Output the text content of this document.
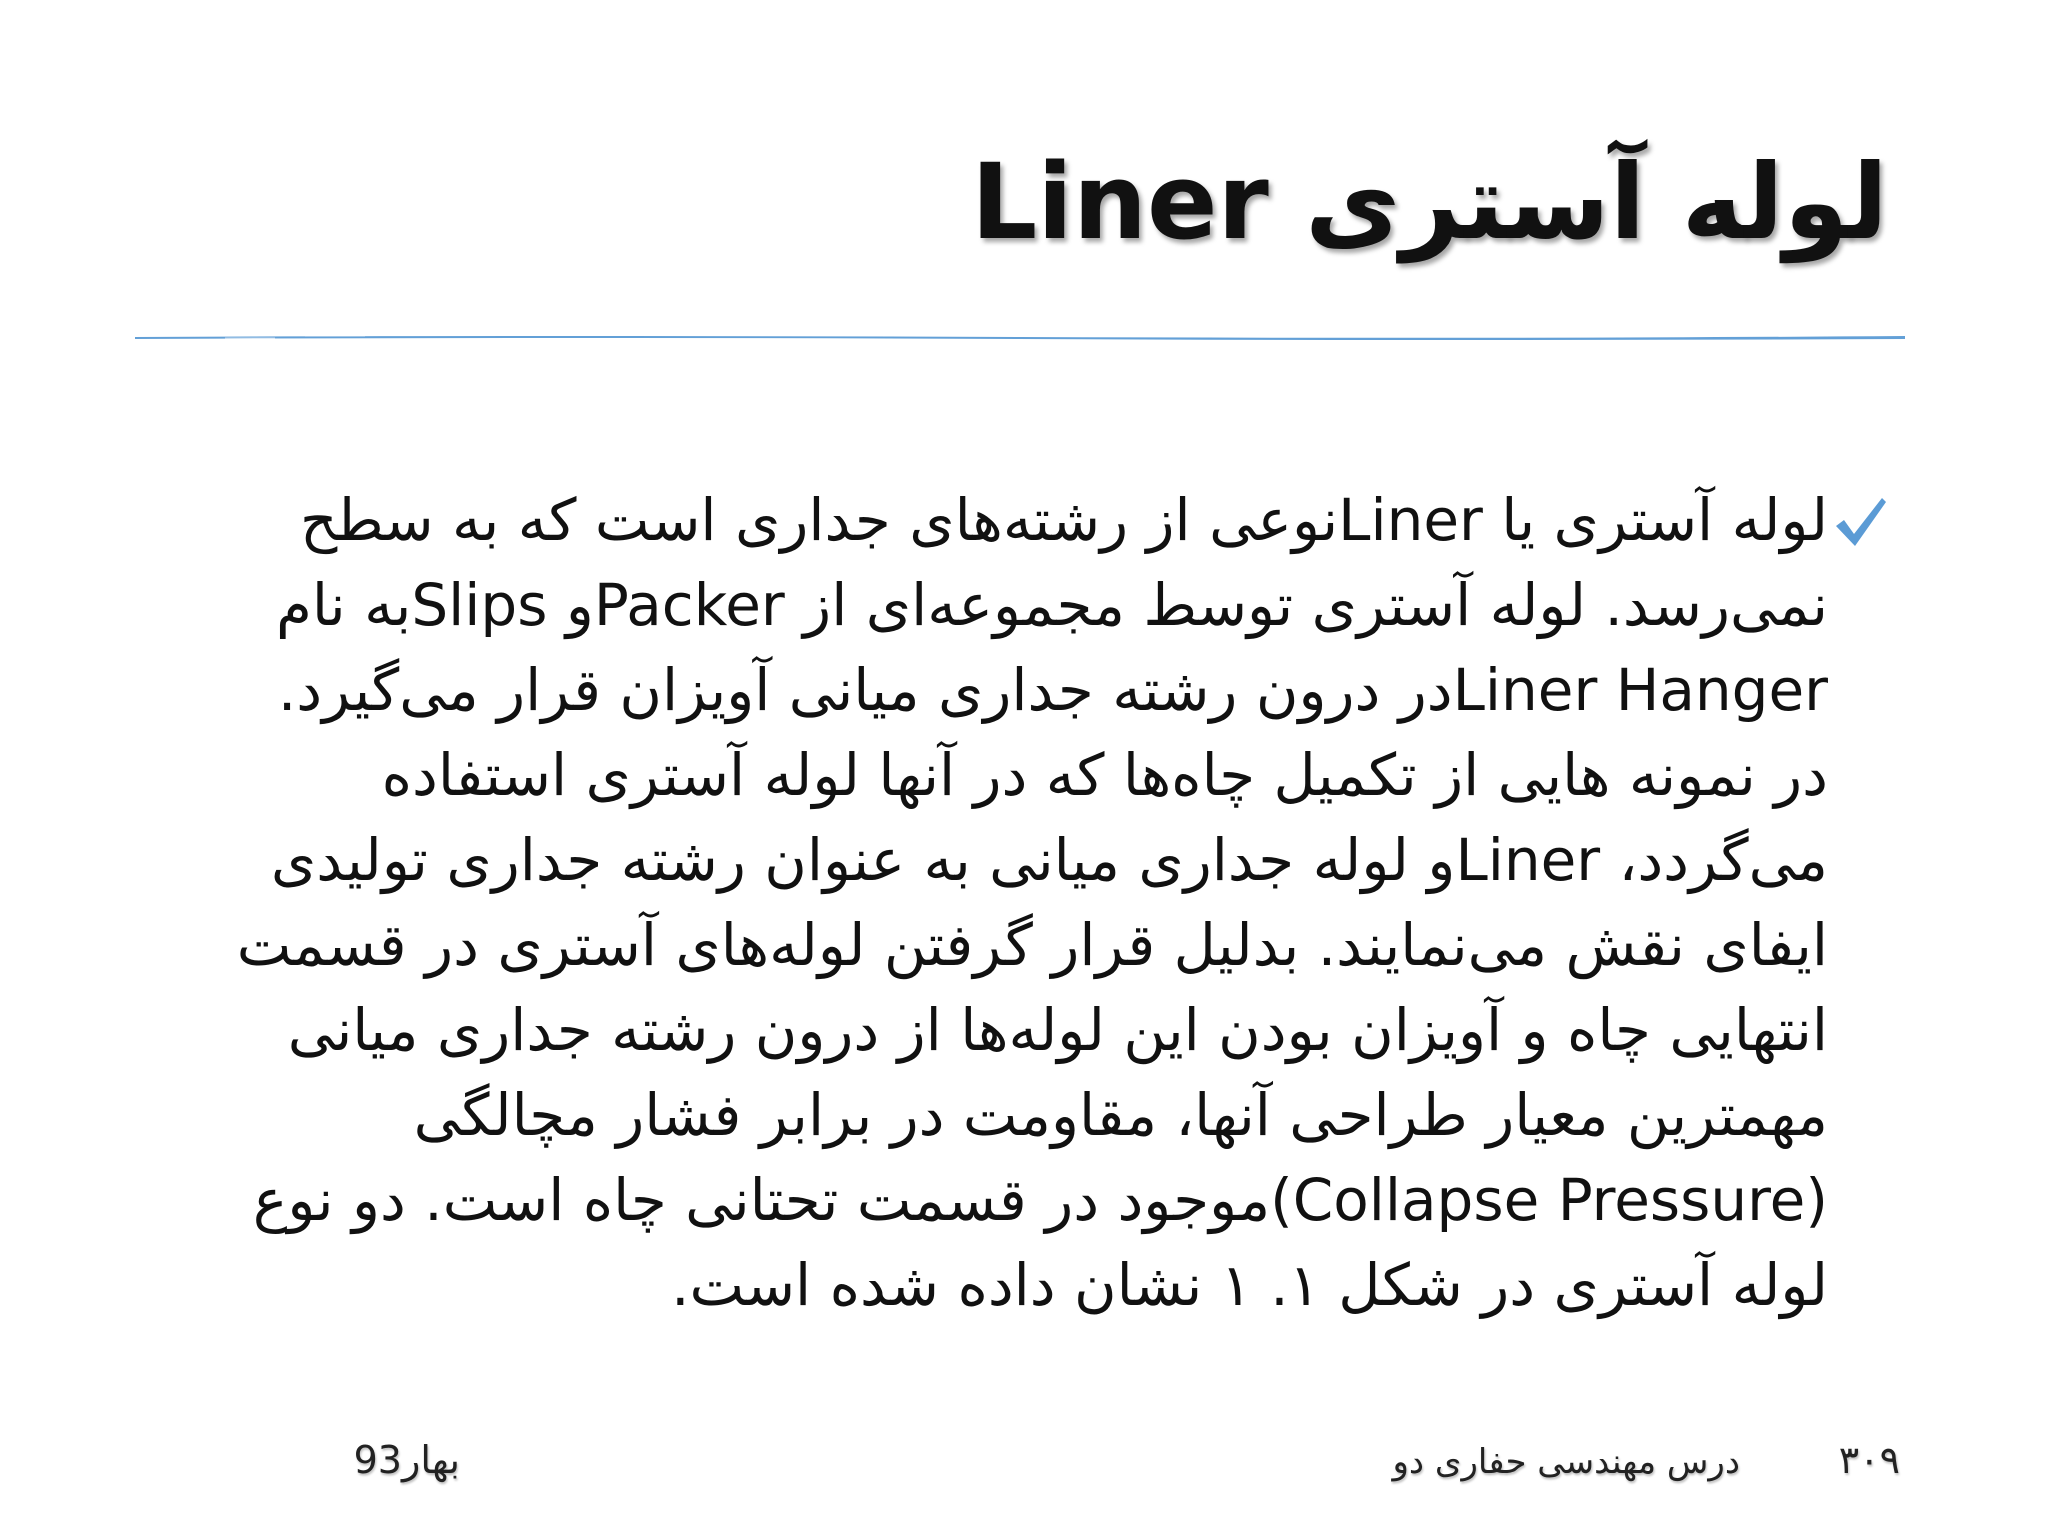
لوله آستری Liner

لوله آستری یا Linerنوعی از رشته‌های جداری است که به سطح
نمی‌رسد. لوله آستری توسط مجموعه‌ای از Packerو Slipsبه نام
Liner Hangerدر درون رشته جداری میانی آویزان قرار می‌گیرد.
در نمونه هایی از تکمیل چاه‌ها که در آنها لوله آستری استفاده
می‌گردد، Linerو لوله جداری میانی به عنوان رشته جداری تولیدی
ایفای نقش می‌نمایند. بدلیل قرار گرفتن لوله‌های آستری در قسمت
انتهایی چاه و آویزان بودن این لوله‌ها از درون رشته جداری میانی
مهمترین معیار طراحی آنها، مقاومت در برابر فشار مچالگی
(Collapse Pressure)موجود در قسمت تحتانی چاه است. دو نوع
لوله آستری در شکل ۱. ۱ نشان داده شده است.

۳۰۹
درس مهندسی حفاری دو
بهار93
